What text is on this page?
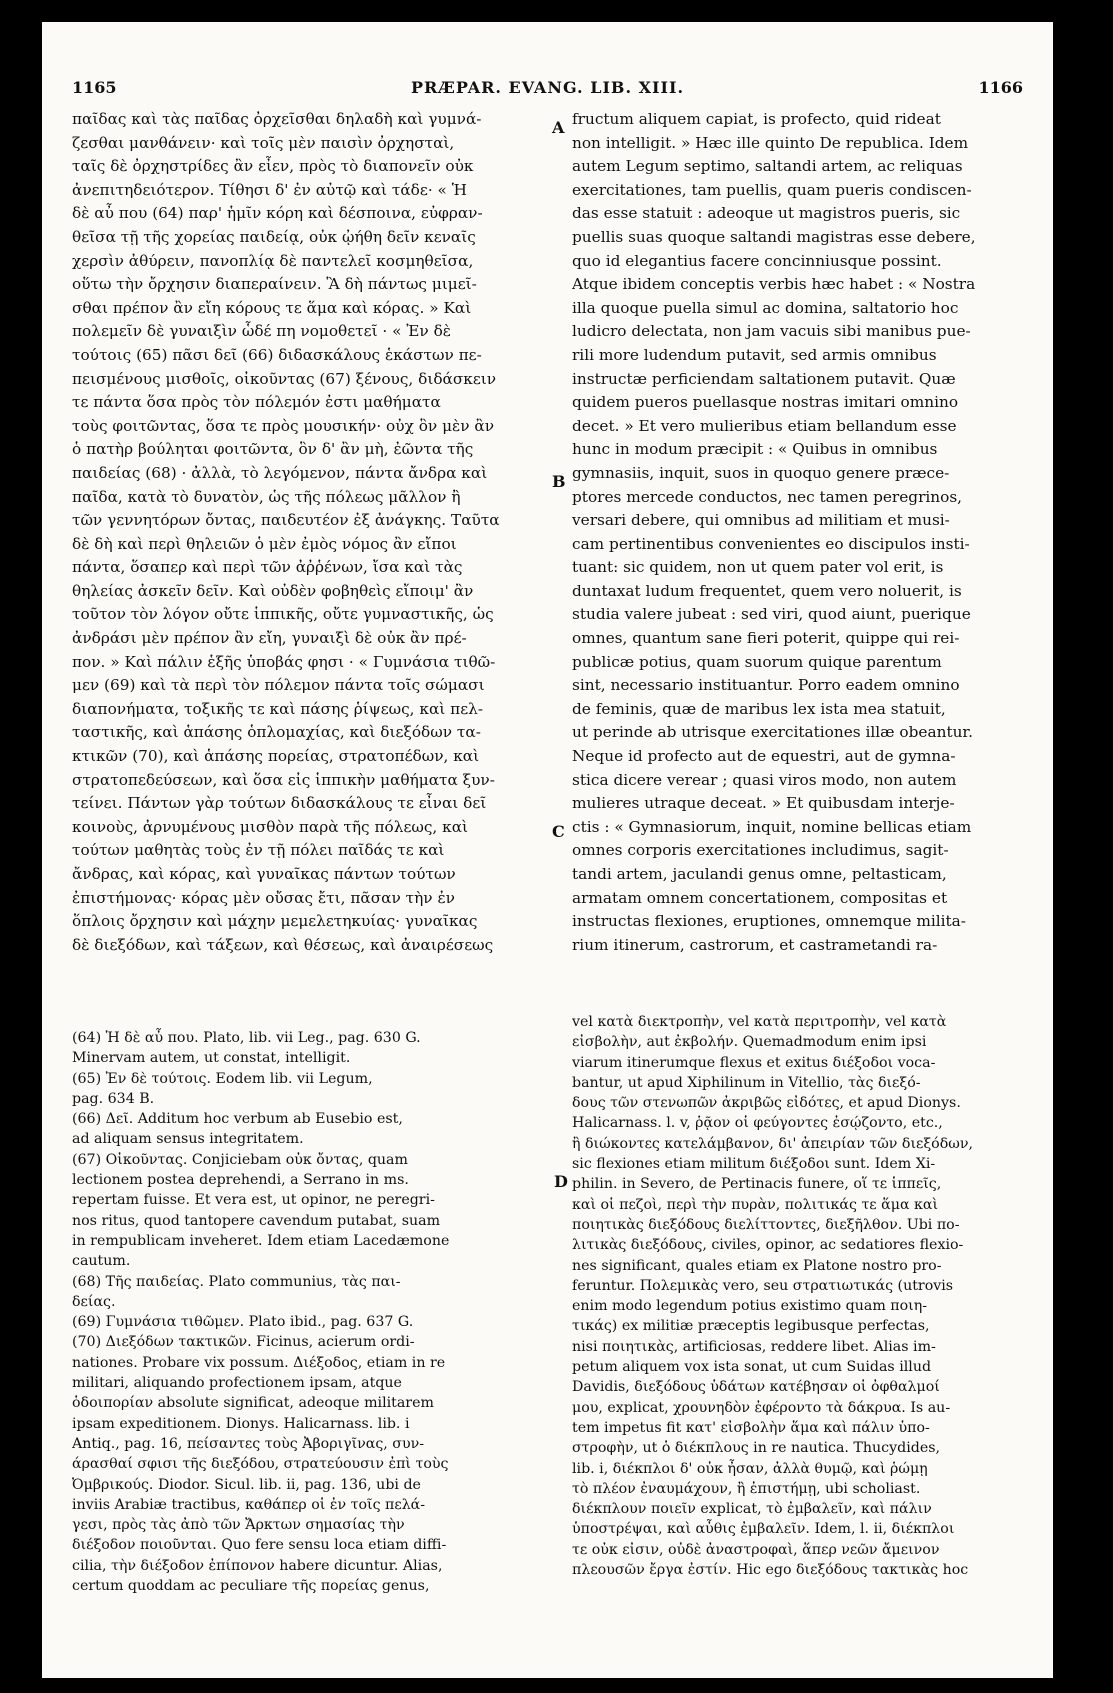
1165	PRÆPAR. EVANG. LIB. XIII.	1166
παῖδας καὶ τὰς παῖδας ὀρχεῖσθαι δηλαδὴ καὶ γυμνά-
ζεσθαι μανθάνειν· καὶ τοῖς μὲν παισὶν ὀρχησταὶ,
ταῖς δὲ ὀρχηστρίδες ἂν εἶεν, πρὸς τὸ διαπονεῖν οὐκ
ἀνεπιτηδειότερον. Τίθησι δ' ἐν αὐτῷ καὶ τάδε· « Ἡ
δὲ αὖ που (64) παρ' ἡμῖν κόρη καὶ δέσποινα, εὐφραν-
θεῖσα τῇ τῆς χορείας παιδείᾳ, οὐκ ᾠήθη δεῖν κεναῖς
χερσὶν ἀθύρειν, πανοπλίᾳ δὲ παντελεῖ κοσμηθεῖσα,
οὕτω τὴν ὄρχησιν διαπεραίνειν. Ἃ δὴ πάντως μιμεῖ-
σθαι πρέπον ἂν εἴη κόρους τε ἅμα καὶ κόρας. » Καὶ
πολεμεῖν δὲ γυναιξὶν ὧδέ πη νομοθετεῖ · « Ἐν δὲ
τούτοις (65) πᾶσι δεῖ (66) διδασκάλους ἑκάστων πε-
πεισμένους μισθοῖς, οἰκοῦντας (67) ξένους, διδάσκειν
τε πάντα ὅσα πρὸς τὸν πόλεμόν ἐστι μαθήματα
τοὺς φοιτῶντας, ὅσα τε πρὸς μουσικήν· οὐχ ὃν μὲν ἂν
ὁ πατὴρ βούληται φοιτῶντα, ὃν δ' ἂν μὴ, ἐῶντα τῆς
παιδείας (68) · ἀλλὰ, τὸ λεγόμενον, πάντα ἄνδρα καὶ
παῖδα, κατὰ τὸ δυνατὸν, ὡς τῆς πόλεως μᾶλλον ἢ
τῶν γεννητόρων ὄντας, παιδευτέον ἐξ ἀνάγκης. Ταῦτα
δὲ δὴ καὶ περὶ θηλειῶν ὁ μὲν ἐμὸς νόμος ἂν εἴποι
πάντα, ὅσαπερ καὶ περὶ τῶν ἀῤῥένων, ἴσα καὶ τὰς
θηλείας ἀσκεῖν δεῖν. Καὶ οὐδὲν φοβηθεὶς εἴποιμ' ἂν
τοῦτον τὸν λόγον οὔτε ἱππικῆς, οὔτε γυμναστικῆς, ὡς
ἀνδράσι μὲν πρέπον ἂν εἴη, γυναιξὶ δὲ οὐκ ἂν πρέ-
πον. » Καὶ πάλιν ἑξῆς ὑποβάς φησι · « Γυμνάσια τιθῶ-
μεν (69) καὶ τὰ περὶ τὸν πόλεμον πάντα τοῖς σώμασι
διαπονήματα, τοξικῆς τε καὶ πάσης ῥίψεως, καὶ πελ-
ταστικῆς, καὶ ἁπάσης ὁπλομαχίας, καὶ διεξόδων τα-
κτικῶν (70), καὶ ἁπάσης πορείας, στρατοπέδων, καὶ
στρατοπεδεύσεων, καὶ ὅσα εἰς ἱππικὴν μαθήματα ξυν-
τείνει. Πάντων γὰρ τούτων διδασκάλους τε εἶναι δεῖ
κοινοὺς, ἀρνυμένους μισθὸν παρὰ τῆς πόλεως, καὶ
τούτων μαθητὰς τοὺς ἐν τῇ πόλει παῖδάς τε καὶ
ἄνδρας, καὶ κόρας, καὶ γυναῖκας πάντων τούτων
ἐπιστήμονας· κόρας μὲν οὔσας ἔτι, πᾶσαν τὴν ἐν
ὅπλοις ὄρχησιν καὶ μάχην μεμελετηκυίας· γυναῖκας
δὲ διεξόδων, καὶ τάξεων, καὶ θέσεως, καὶ ἀναιρέσεως
fructum aliquem capiat, is profecto, quid rideat
non intelligit. » Hæc ille quinto De republica. Idem
autem Legum septimo, saltandi artem, ac reliquas
exercitationes, tam puellis, quam pueris condiscen-
das esse statuit : adeoque ut magistros pueris, sic
puellis suas quoque saltandi magistras esse debere,
quo id elegantius facere concinniusque possint.
Atque ibidem conceptis verbis hæc habet : « Nostra
illa quoque puella simul ac domina, saltatorio hoc
ludicro delectata, non jam vacuis sibi manibus pue-
rili more ludendum putavit, sed armis omnibus
instructæ perficiendam saltationem putavit. Quæ
quidem pueros puellasque nostras imitari omnino
decet. » Et vero mulieribus etiam bellandum esse
hunc in modum præcipit : « Quibus in omnibus
gymnasiis, inquit, suos in quoquo genere præce-
ptores mercede conductos, nec tamen peregrinos,
versari debere, qui omnibus ad militiam et musi-
cam pertinentibus convenientes eo discipulos insti-
tuant: sic quidem, non ut quem pater vol erit, is
duntaxat ludum frequentet, quem vero noluerit, is
studia valere jubeat : sed viri, quod aiunt, puerique
omnes, quantum sane fieri poterit, quippe qui rei-
publicæ potius, quam suorum quique parentum
sint, necessario instituantur. Porro eadem omnino
de feminis, quæ de maribus lex ista mea statuit,
ut perinde ab utrisque exercitationes illæ obeantur.
Neque id profecto aut de equestri, aut de gymna-
stica dicere verear ; quasi viros modo, non autem
mulieres utraque deceat. » Et quibusdam interje-
ctis : « Gymnasiorum, inquit, nomine bellicas etiam
omnes corporis exercitationes includimus, sagit-
tandi artem, jaculandi genus omne, peltasticam,
armatam omnem concertationem, compositas et
instructas flexiones, eruptiones, omnemque milita-
rium itinerum, castrorum, et castrametandi ra-
A
B
C
D
(64) Ἡ δὲ αὖ που. Plato, lib. vii Leg., pag. 630 G.
Minervam autem, ut constat, intelligit.
(65) Ἐν δὲ τούτοις. Eodem lib. vii Legum,
pag. 634 B.
(66) Δεῖ. Additum hoc verbum ab Eusebio est,
ad aliquam sensus integritatem.
(67) Οἰκοῦντας. Conjiciebam οὐκ ὄντας, quam
lectionem postea deprehendi, a Serrano in ms.
repertam fuisse. Et vera est, ut opinor, ne peregri-
nos ritus, quod tantopere cavendum putabat, suam
in rempublicam inveheret. Idem etiam Lacedæmone
cautum.
(68) Τῆς παιδείας. Plato communius, τὰς παι-
δείας.
(69) Γυμνάσια τιθῶμεν. Plato ibid., pag. 637 G.
(70) Διεξόδων τακτικῶν. Ficinus, acierum ordi-
nationes. Probare vix possum. Διέξοδος, etiam in re
militari, aliquando profectionem ipsam, atque
ὁδοιπορίαν absolute significat, adeoque militarem
ipsam expeditionem. Dionys. Halicarnass. lib. i
Antiq., pag. 16, πείσαντες τοὺς Ἀβοριγῖνας, συν-
άρασθαί σφισι τῆς διεξόδου, στρατεύουσιν ἐπὶ τοὺς
Ὀμβρικούς. Diodor. Sicul. lib. ii, pag. 136, ubi de
inviis Arabiæ tractibus, καθάπερ οἱ ἐν τοῖς πελά-
γεσι, πρὸς τὰς ἀπὸ τῶν Ἄρκτων σημασίας τὴν
διέξοδον ποιοῦνται. Quo fere sensu loca etiam diffi-
cilia, τὴν διέξοδον ἐπίπονον habere dicuntur. Alias,
certum quoddam ac peculiare τῆς πορείας genus,
vel κατὰ διεκτροπὴν, vel κατὰ περιτροπὴν, vel κατὰ
εἰσβολὴν, aut ἐκβολήν. Quemadmodum enim ipsi
viarum itinerumque flexus et exitus διέξοδοι voca-
bantur, ut apud Xiphilinum in Vitellio, τὰς διεξό-
δους τῶν στενωπῶν ἀκριβῶς εἰδότες, et apud Dionys.
Halicarnass. l. v, ῥᾷον οἱ φεύγοντες ἐσῴζοντο, etc.,
ἢ διώκοντες κατελάμβανον, δι' ἀπειρίαν τῶν διεξόδων,
sic flexiones etiam militum διέξοδοι sunt. Idem Xi-
philin. in Severo, de Pertinacis funere, οἵ τε ἱππεῖς,
καὶ οἱ πεζοὶ, περὶ τὴν πυρὰν, πολιτικάς τε ἅμα καὶ
ποιητικὰς διεξόδους διελίττοντες, διεξῆλθον. Ubi πο-
λιτικὰς διεξόδους, civiles, opinor, ac sedatiores flexio-
nes significant, quales etiam ex Platone nostro pro-
feruntur. Πολεμικὰς vero, seu στρατιωτικάς (utrovis
enim modo legendum potius existimo quam ποιη-
τικάς) ex militiæ præceptis legibusque perfectas,
nisi ποιητικὰς, artificiosas, reddere libet. Alias im-
petum aliquem vox ista sonat, ut cum Suidas illud
Davidis, διεξόδους ὑδάτων κατέβησαν οἱ ὀφθαλμοί
μου, explicat, χρουνηδὸν ἐφέροντο τὰ δάκρυα. Is au-
tem impetus fit κατ' εἰσβολὴν ἅμα καὶ πάλιν ὑπο-
στροφὴν, ut ὁ διέκπλους in re nautica. Thucydides,
lib. i, διέκπλοι δ' οὐκ ἦσαν, ἀλλὰ θυμῷ, καὶ ῥώμῃ
τὸ πλέον ἐναυμάχουν, ἢ ἐπιστήμῃ, ubi scholiast.
διέκπλουν ποιεῖν explicat, τὸ ἐμβαλεῖν, καὶ πάλιν
ὑποστρέψαι, καὶ αὖθις ἐμβαλεῖν. Idem, l. ii, διέκπλοι
τε οὐκ εἰσιν, οὐδὲ ἀναστροφαὶ, ἅπερ νεῶν ἄμεινον
πλεουσῶν ἔργα ἐστίν. Hic ego διεξόδους τακτικὰς hoc
